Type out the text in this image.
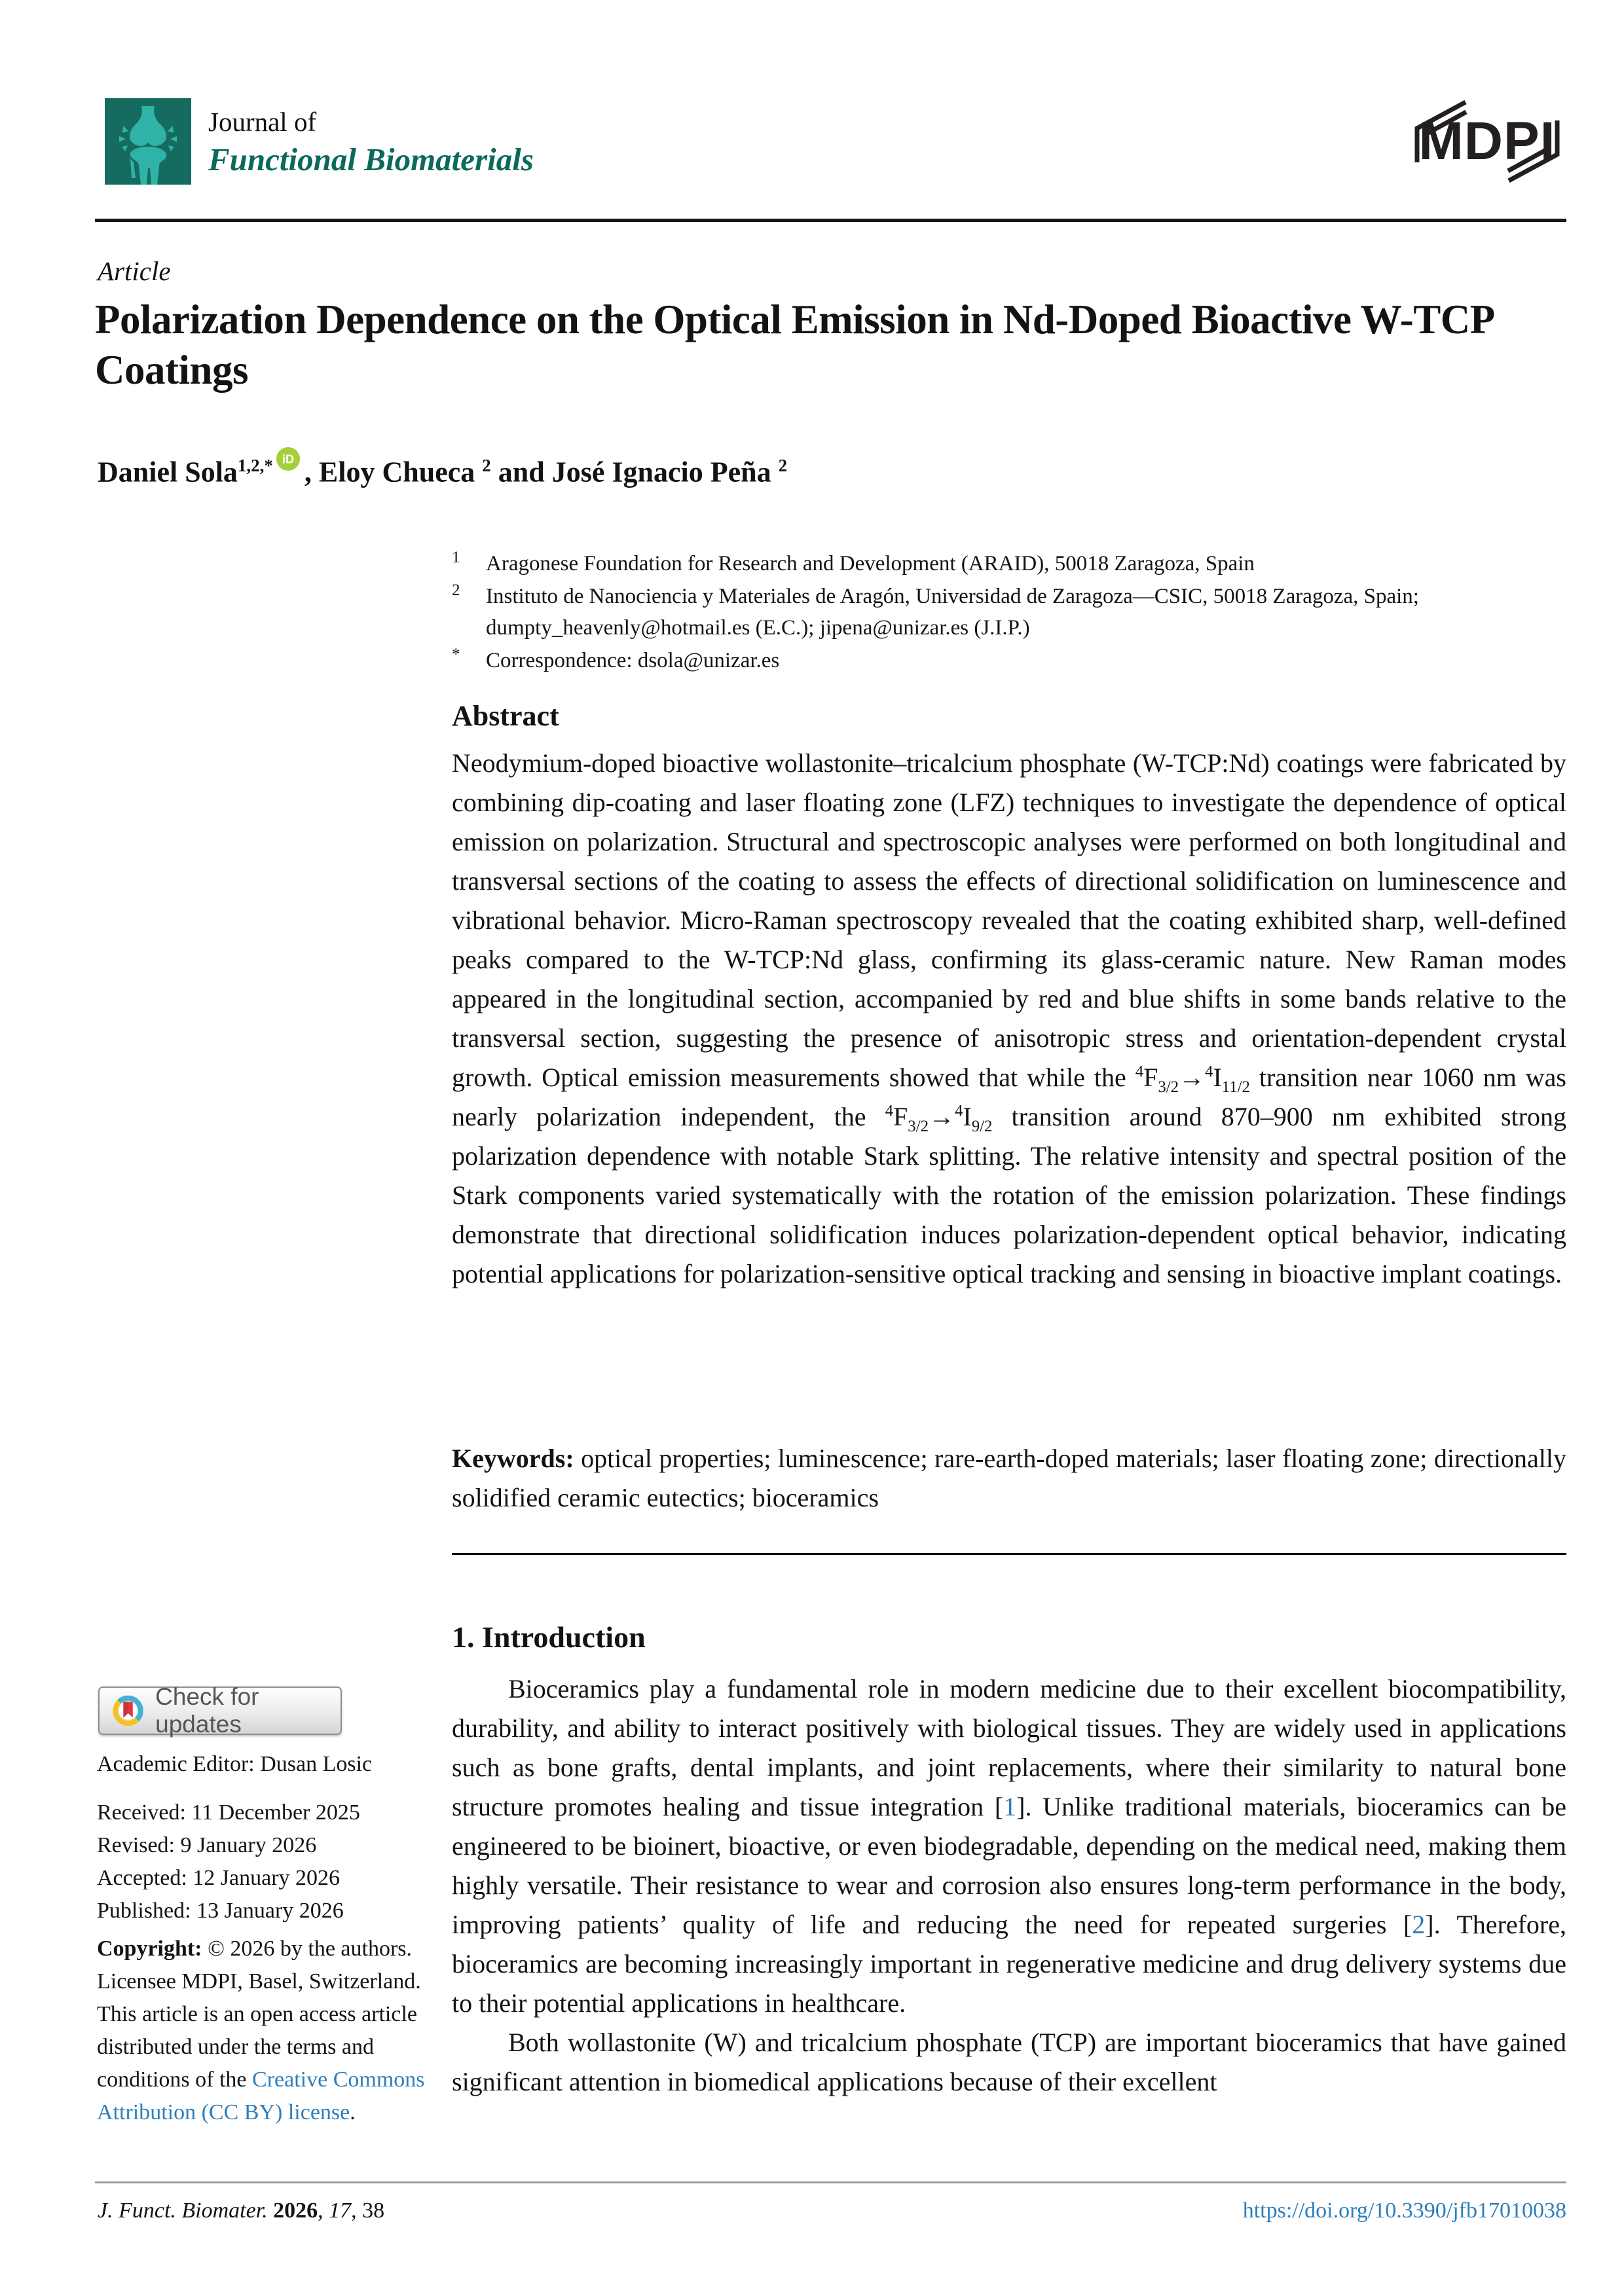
Journal of
Functional Biomaterials	MDPI
Article
Polarization Dependence on the Optical Emission in Nd-Doped Bioactive W-TCP Coatings
Daniel Sola$^{1,2,*}$ iD , Eloy Chueca $^2$ and José Ignacio Peña $^2$
1	Aragonese Foundation for Research and Development (ARAID), 50018 Zaragoza, Spain
2	Instituto de Nanociencia y Materiales de Aragón, Universidad de Zaragoza—CSIC, 50018 Zaragoza, Spain; dumpty_heavenly@hotmail.es (E.C.); jipena@unizar.es (J.I.P.)
*	Correspondence: dsola@unizar.es
Abstract
Neodymium-doped bioactive wollastonite–tricalcium phosphate (W-TCP:Nd) coatings were fabricated by combining dip-coating and laser floating zone (LFZ) techniques to investigate the dependence of optical emission on polarization. Structural and spectroscopic analyses were performed on both longitudinal and transversal sections of the coating to assess the effects of directional solidification on luminescence and vibrational behavior. Micro-Raman spectroscopy revealed that the coating exhibited sharp, well-defined peaks compared to the W-TCP:Nd glass, confirming its glass-ceramic nature. New Raman modes appeared in the longitudinal section, accompanied by red and blue shifts in some bands relative to the transversal section, suggesting the presence of anisotropic stress and orientation-dependent crystal growth. Optical emission measurements showed that while the $^4F_{3/2}\to^4I_{11/2}$ transition near 1060 nm was nearly polarization independent, the $^4F_{3/2}\to^4I_{9/2}$ transition around 870–900 nm exhibited strong polarization dependence with notable Stark splitting. The relative intensity and spectral position of the Stark components varied systematically with the rotation of the emission polarization. These findings demonstrate that directional solidification induces polarization-dependent optical behavior, indicating potential applications for polarization-sensitive optical tracking and sensing in bioactive implant coatings.

Keywords: optical properties; luminescence; rare-earth-doped materials; laser floating zone; directionally solidified ceramic eutectics; bioceramics

1. Introduction

Bioceramics play a fundamental role in modern medicine due to their excellent biocompatibility, durability, and ability to interact positively with biological tissues. They are widely used in applications such as bone grafts, dental implants, and joint replacements, where their similarity to natural bone structure promotes healing and tissue integration [1]. Unlike traditional materials, bioceramics can be engineered to be bioinert, bioactive, or even biodegradable, depending on the medical need, making them highly versatile. Their resistance to wear and corrosion also ensures long-term performance in the body, improving patients’ quality of life and reducing the need for repeated surgeries [2]. Therefore, bioceramics are becoming increasingly important in regenerative medicine and drug delivery systems due to their potential applications in healthcare.

Both wollastonite (W) and tricalcium phosphate (TCP) are important bioceramics that have gained significant attention in biomedical applications because of their excellent

Check for updates
Academic Editor: Dusan Losic
Received: 11 December 2025
Revised: 9 January 2026
Accepted: 12 January 2026
Published: 13 January 2026
Copyright: © 2026 by the authors. Licensee MDPI, Basel, Switzerland. This article is an open access article distributed under the terms and conditions of the Creative Commons Attribution (CC BY) license.
J. Funct. Biomater. 2026, 17, 38	https://doi.org/10.3390/jfb17010038
